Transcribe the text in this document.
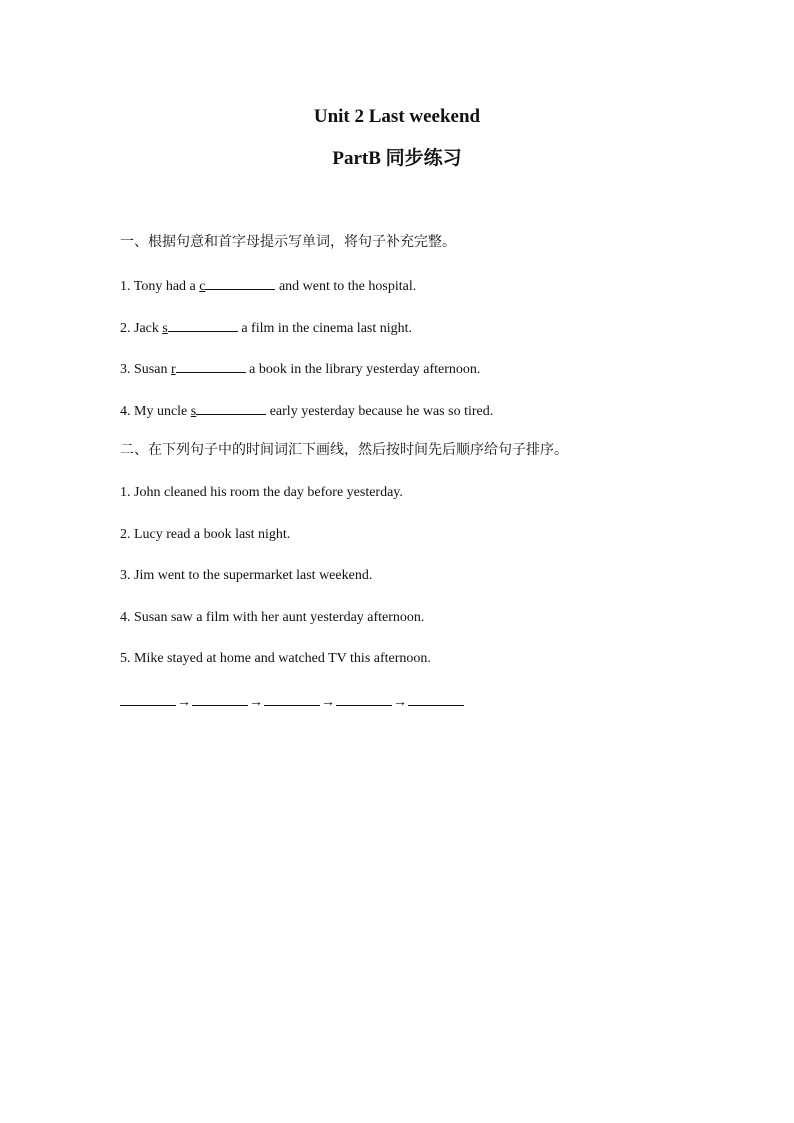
Unit 2 Last weekend
PartB 同步练习
一、根据句意和首字母提示写单词，将句子补充完整。
1. Tony had a c	and went to the hospital.
2. Jack s	a film in the cinema last night.
3. Susan r	a book in the library yesterday afternoon.
4. My uncle s	early yesterday because he was so tired.
二、在下列句子中的时间词汇下画线，然后按时间先后顺序给句子排序。
1. John cleaned his room the day before yesterday.
2. Lucy read a book last night.
3. Jim went to the supermarket last weekend.
4. Susan saw a film with her aunt yesterday afternoon.
5. Mike stayed at home and watched TV this afternoon.
→	→	→	→
